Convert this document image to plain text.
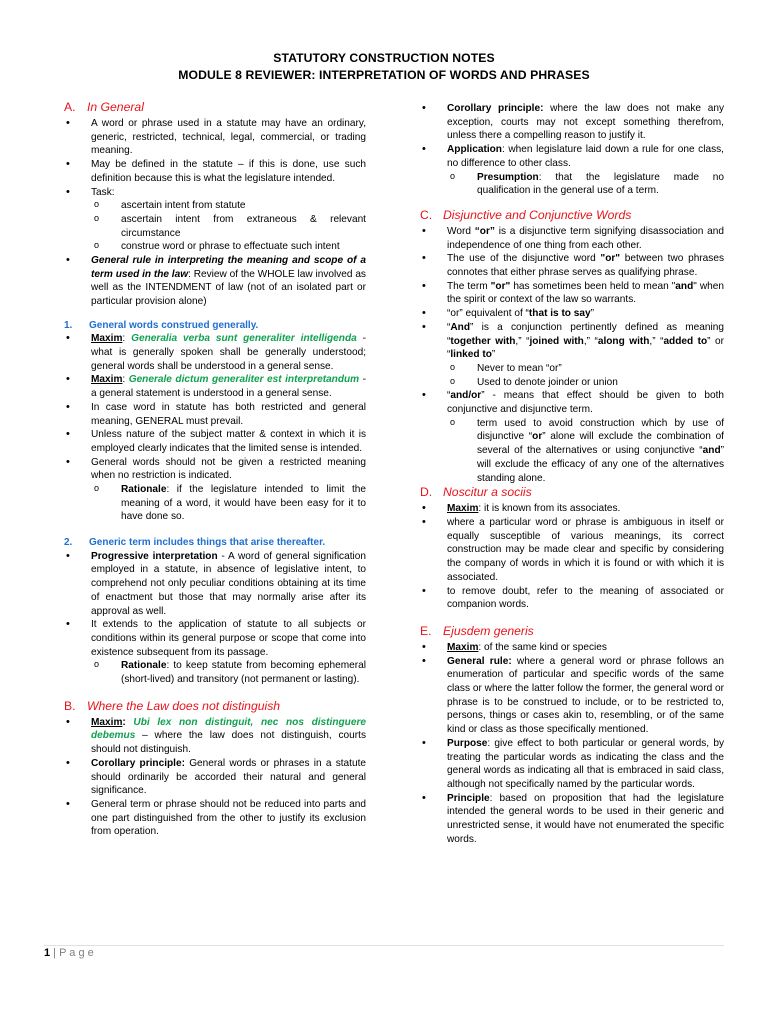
STATUTORY CONSTRUCTION NOTES
MODULE 8 REVIEWER: INTERPRETATION OF WORDS AND PHRASES
A. In General
• A word or phrase used in a statute may have an ordinary, generic, restricted, technical, legal, commercial, or trading meaning.
• May be defined in the statute – if this is done, use such definition because this is what the legislature intended.
• Task:
o ascertain intent from statute
o ascertain intent from extraneous & relevant circumstance
o construe word or phrase to effectuate such intent
• General rule in interpreting the meaning and scope of a term used in the law: Review of the WHOLE law involved as well as the INTENDMENT of law (not of an isolated part or particular provision alone)
1. General words construed generally.
• Maxim: Generalia verba sunt generaliter intelligenda - what is generally spoken shall be generally understood; general words shall be understood in a general sense.
• Maxim: Generale dictum generaliter est interpretandum - a general statement is understood in a general sense.
• In case word in statute has both restricted and general meaning, GENERAL must prevail.
• Unless nature of the subject matter & context in which it is employed clearly indicates that the limited sense is intended.
• General words should not be given a restricted meaning when no restriction is indicated.
o Rationale: if the legislature intended to limit the meaning of a word, it would have been easy for it to have done so.
2. Generic term includes things that arise thereafter.
• Progressive interpretation - A word of general signification employed in a statute, in absence of legislative intent, to comprehend not only peculiar conditions obtaining at its time of enactment but those that may normally arise after its approval as well.
• It extends to the application of statute to all subjects or conditions within its general purpose or scope that come into existence subsequent from its passage.
o Rationale: to keep statute from becoming ephemeral (short-lived) and transitory (not permanent or lasting).
B. Where the Law does not distinguish
• Maxim: Ubi lex non distinguit, nec nos distinguere debemus – where the law does not distinguish, courts should not distinguish.
• Corollary principle: General words or phrases in a statute should ordinarily be accorded their natural and general significance.
• General term or phrase should not be reduced into parts and one part distinguished from the other to justify its exclusion from operation.
• Corollary principle: where the law does not make any exception, courts may not except something therefrom, unless there a compelling reason to justify it.
• Application: when legislature laid down a rule for one class, no difference to other class.
o Presumption: that the legislature made no qualification in the general use of a term.
C. Disjunctive and Conjunctive Words
• Word “or” is a disjunctive term signifying disassociation and independence of one thing from each other.
• The use of the disjunctive word "or" between two phrases connotes that either phrase serves as qualifying phrase.
• The term "or" has sometimes been held to mean "and" when the spirit or context of the law so warrants.
• “or” equivalent of “that is to say”
• “And” is a conjunction pertinently defined as meaning “together with,” “joined with,” “along with,” “added to” or “linked to”
o Never to mean “or”
o Used to denote joinder or union
• “and/or” - means that effect should be given to both conjunctive and disjunctive term.
o term used to avoid construction which by use of disjunctive “or” alone will exclude the combination of several of the alternatives or using conjunctive “and” will exclude the efficacy of any one of the alternatives standing alone.
D. Noscitur a sociis
• Maxim: it is known from its associates.
• where a particular word or phrase is ambiguous in itself or equally susceptible of various meanings, its correct construction may be made clear and specific by considering the company of words in which it is found or with which it is associated.
• to remove doubt, refer to the meaning of associated or companion words.
E. Ejusdem generis
• Maxim: of the same kind or species
• General rule: where a general word or phrase follows an enumeration of particular and specific words of the same class or where the latter follow the former, the general word or phrase is to be construed to include, or to be restricted to, persons, things or cases akin to, resembling, or of the same kind or class as those specifically mentioned.
• Purpose: give effect to both particular or general words, by treating the particular words as indicating the class and the general words as indicating all that is embraced in said class, although not specifically named by the particular words.
• Principle: based on proposition that had the legislature intended the general words to be used in their generic and unrestricted sense, it would have not enumerated the specific words.
1 | P a g e
